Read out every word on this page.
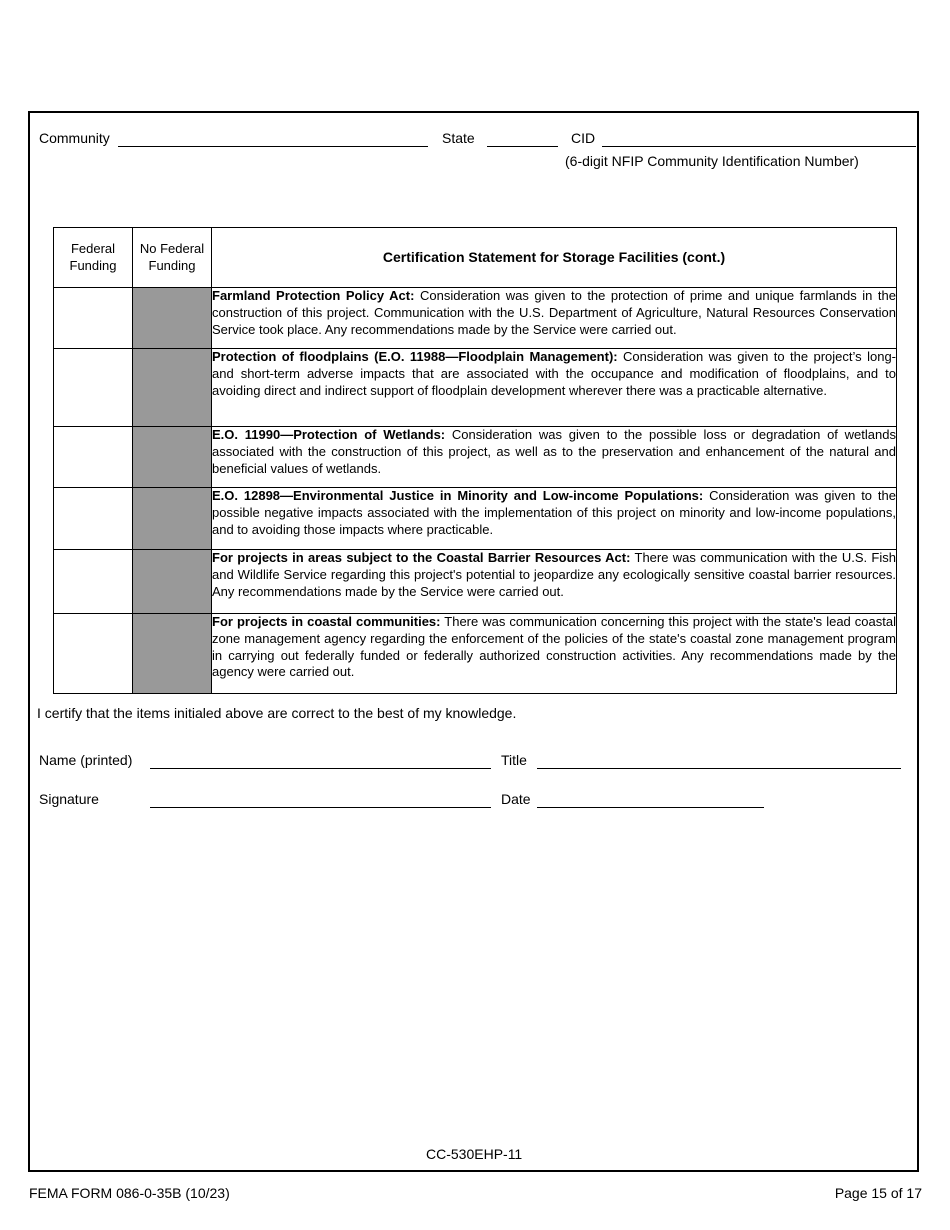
Community	State	CID
(6-digit NFIP Community Identification Number)
Federal Funding	No Federal Funding	Certification Statement for Storage Facilities (cont.)
		Farmland Protection Policy Act: Consideration was given to the protection of prime and unique farmlands in the construction of this project. Communication with the U.S. Department of Agriculture, Natural Resources Conservation Service took place. Any recommendations made by the Service were carried out.
		Protection of floodplains (E.O. 11988—Floodplain Management): Consideration was given to the project’s long- and short-term adverse impacts that are associated with the occupance and modification of floodplains, and to avoiding direct and indirect support of floodplain development wherever there was a practicable alternative.
		E.O. 11990—Protection of Wetlands: Consideration was given to the possible loss or degradation of wetlands associated with the construction of this project, as well as to the preservation and enhancement of the natural and beneficial values of wetlands.
		E.O. 12898—Environmental Justice in Minority and Low-income Populations: Consideration was given to the possible negative impacts associated with the implementation of this project on minority and low-income populations, and to avoiding those impacts where practicable.
		For projects in areas subject to the Coastal Barrier Resources Act: There was communication with the U.S. Fish and Wildlife Service regarding this project's potential to jeopardize any ecologically sensitive coastal barrier resources. Any recommendations made by the Service were carried out.
		For projects in coastal communities: There was communication concerning this project with the state's lead coastal zone management agency regarding the enforcement of the policies of the state's coastal zone management program in carrying out federally funded or federally authorized construction activities. Any recommendations made by the agency were carried out.
I certify that the items initialed above are correct to the best of my knowledge.
Name (printed)	Title
Signature	Date
CC-530EHP-11
FEMA FORM 086-0-35B (10/23)	Page 15 of 17
